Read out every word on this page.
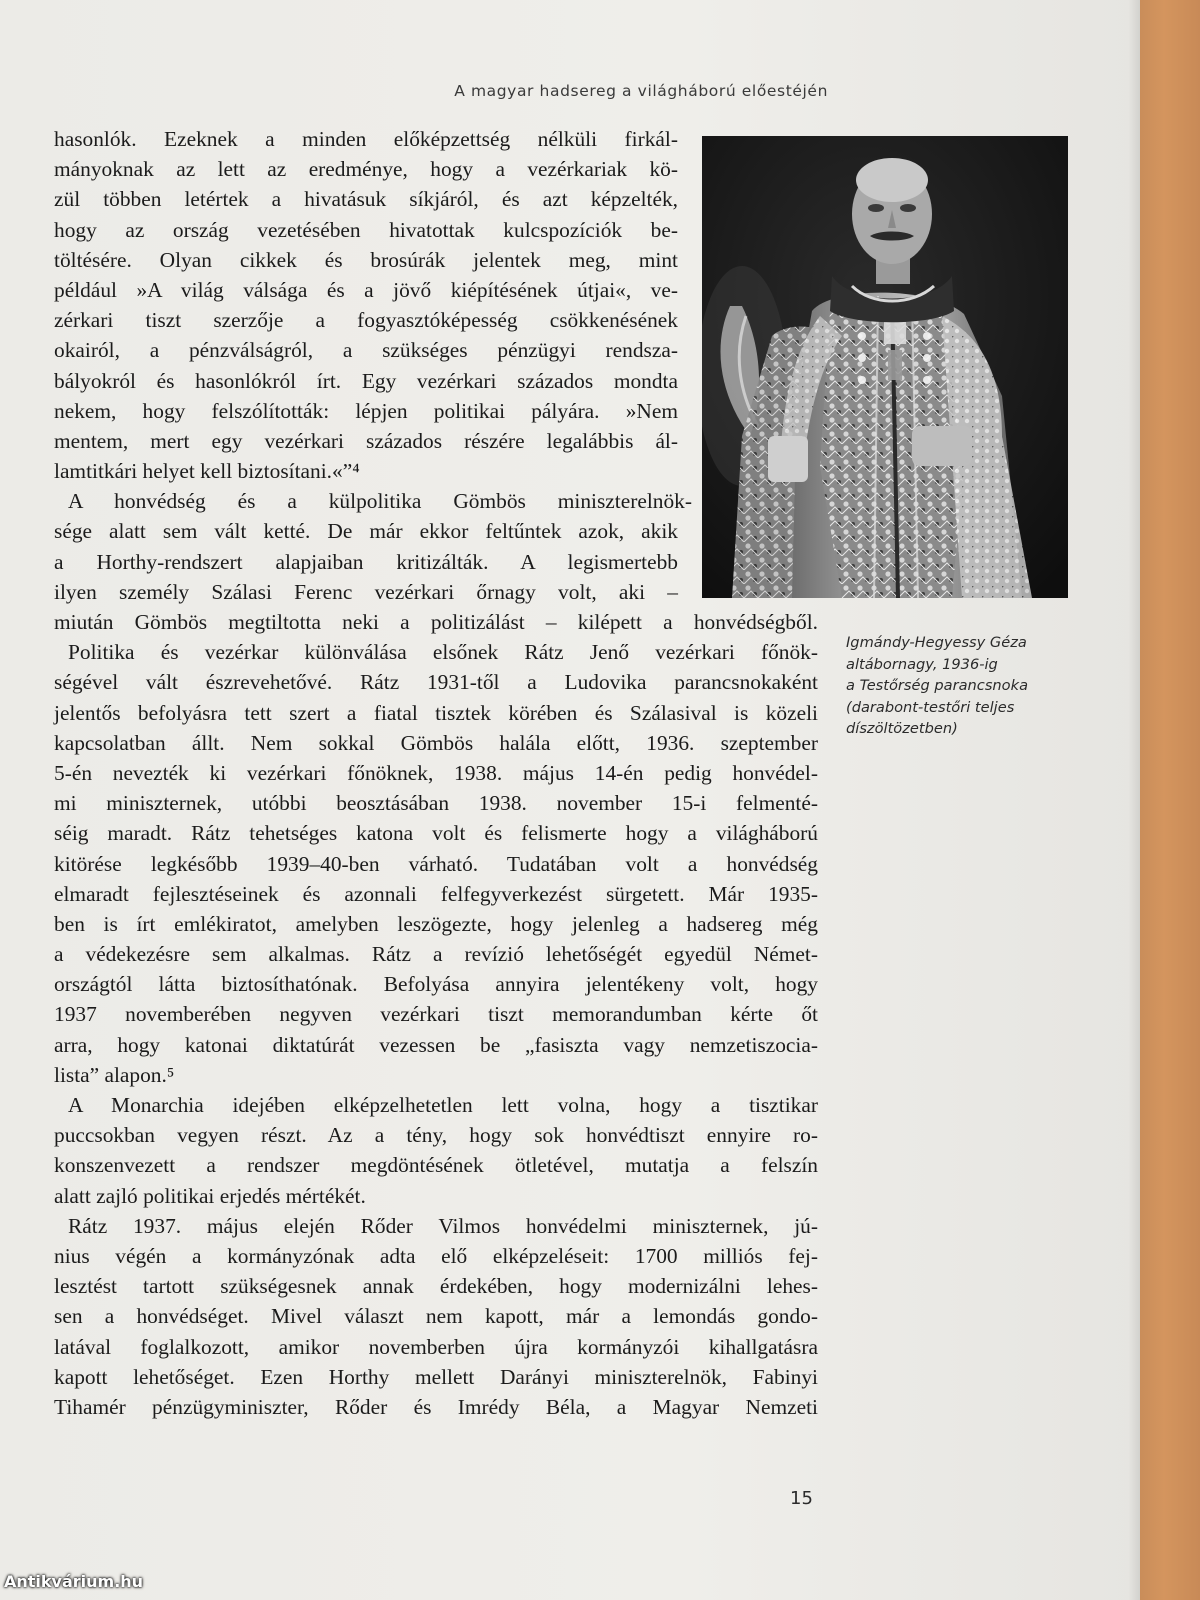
A magyar hadsereg a világháború előestéjén
hasonlók. Ezeknek a minden előképzettség nélküli firkál-
mányoknak az lett az eredménye, hogy a vezérkariak kö-
zül többen letértek a hivatásuk síkjáról, és azt képzelték,
hogy az ország vezetésében hivatottak kulcspozíciók be-
töltésére. Olyan cikkek és brosúrák jelentek meg, mint
például »A világ válsága és a jövő kiépítésének útjai«, ve-
zérkari tiszt szerzője a fogyasztóképesség csökkenésének
okairól, a pénzválságról, a szükséges pénzügyi rendsza-
bályokról és hasonlókról írt. Egy vezérkari százados mondta
nekem, hogy felszólították: lépjen politikai pályára. »Nem
mentem, mert egy vezérkari százados részére legalábbis ál-
lamtitkári helyet kell biztosítani.«”⁴
A honvédség és a külpolitika Gömbös miniszterelnök-
sége alatt sem vált ketté. De már ekkor feltűntek azok, akik
a Horthy-rendszert alapjaiban kritizálták. A legismertebb
ilyen személy Szálasi Ferenc vezérkari őrnagy volt, aki –
miután Gömbös megtiltotta neki a politizálást – kilépett a honvédségből.
Politika és vezérkar különválása elsőnek Rátz Jenő vezérkari főnök-
ségével vált észrevehetővé. Rátz 1931-től a Ludovika parancsnokaként
jelentős befolyásra tett szert a fiatal tisztek körében és Szálasival is közeli
kapcsolatban állt. Nem sokkal Gömbös halála előtt, 1936. szeptember
5-én nevezték ki vezérkari főnöknek, 1938. május 14-én pedig honvédel-
mi miniszternek, utóbbi beosztásában 1938. november 15-i felmenté-
séig maradt. Rátz tehetséges katona volt és felismerte hogy a világháború
kitörése legkésőbb 1939–40-ben várható. Tudatában volt a honvédség
elmaradt fejlesztéseinek és azonnali felfegyverkezést sürgetett. Már 1935-
ben is írt emlékiratot, amelyben leszögezte, hogy jelenleg a hadsereg még
a védekezésre sem alkalmas. Rátz a revízió lehetőségét egyedül Német-
országtól látta biztosíthatónak. Befolyása annyira jelentékeny volt, hogy
1937 novemberében negyven vezérkari tiszt memorandumban kérte őt
arra, hogy katonai diktatúrát vezessen be „fasiszta vagy nemzetiszocia-
lista” alapon.⁵
A Monarchia idejében elképzelhetetlen lett volna, hogy a tisztikar
puccsokban vegyen részt. Az a tény, hogy sok honvédtiszt ennyire ro-
konszenvezett a rendszer megdöntésének ötletével, mutatja a felszín
alatt zajló politikai erjedés mértékét.
Rátz 1937. május elején Rőder Vilmos honvédelmi miniszternek, jú-
nius végén a kormányzónak adta elő elképzeléseit: 1700 milliós fej-
lesztést tartott szükségesnek annak érdekében, hogy modernizálni lehes-
sen a honvédséget. Mivel választ nem kapott, már a lemondás gondo-
latával foglalkozott, amikor novemberben újra kormányzói kihallgatásra
kapott lehetőséget. Ezen Horthy mellett Darányi miniszterelnök, Fabinyi
Tihamér pénzügyminiszter, Rőder és Imrédy Béla, a Magyar Nemzeti
Igmándy-Hegyessy Géza
altábornagy, 1936-ig
a Testőrség parancsnoka
(darabont-testőri teljes
díszöltözetben)
15
Antikvárium.hu
